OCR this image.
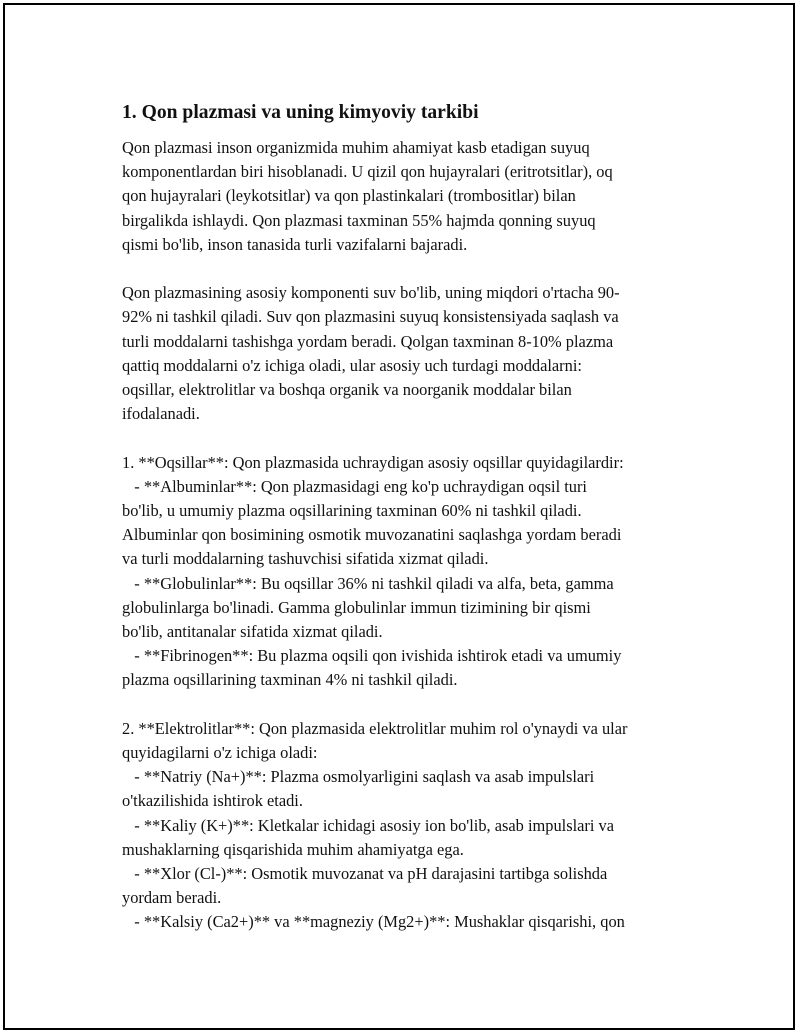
1. Qon plazmasi va uning kimyoviy tarkibi
Qon plazmasi inson organizmida muhim ahamiyat kasb etadigan suyuq
komponentlardan biri hisoblanadi. U qizil qon hujayralari (eritrotsitlar), oq
qon hujayralari (leykotsitlar) va qon plastinkalari (trombositlar) bilan
birgalikda ishlaydi. Qon plazmasi taxminan 55% hajmda qonning suyuq
qismi bo'lib, inson tanasida turli vazifalarni bajaradi.
Qon plazmasining asosiy komponenti suv bo'lib, uning miqdori o'rtacha 90-
92% ni tashkil qiladi. Suv qon plazmasini suyuq konsistensiyada saqlash va
turli moddalarni tashishga yordam beradi. Qolgan taxminan 8-10% plazma
qattiq moddalarni o'z ichiga oladi, ular asosiy uch turdagi moddalarni:
oqsillar, elektrolitlar va boshqa organik va noorganik moddalar bilan
ifodalanadi.
1. **Oqsillar**: Qon plazmasida uchraydigan asosiy oqsillar quyidagilardir:
- **Albuminlar**: Qon plazmasidagi eng ko'p uchraydigan oqsil turi
bo'lib, u umumiy plazma oqsillarining taxminan 60% ni tashkil qiladi.
Albuminlar qon bosimining osmotik muvozanatini saqlashga yordam beradi
va turli moddalarning tashuvchisi sifatida xizmat qiladi.
- **Globulinlar**: Bu oqsillar 36% ni tashkil qiladi va alfa, beta, gamma
globulinlarga bo'linadi. Gamma globulinlar immun tizimining bir qismi
bo'lib, antitanalar sifatida xizmat qiladi.
- **Fibrinogen**: Bu plazma oqsili qon ivishida ishtirok etadi va umumiy
plazma oqsillarining taxminan 4% ni tashkil qiladi.
2. **Elektrolitlar**: Qon plazmasida elektrolitlar muhim rol o'ynaydi va ular
quyidagilarni o'z ichiga oladi:
- **Natriy (Na+)**: Plazma osmolyarligini saqlash va asab impulslari
o'tkazilishida ishtirok etadi.
- **Kaliy (K+)**: Kletkalar ichidagi asosiy ion bo'lib, asab impulslari va
mushaklarning qisqarishida muhim ahamiyatga ega.
- **Xlor (Cl-)**: Osmotik muvozanat va pH darajasini tartibga solishda
yordam beradi.
- **Kalsiy (Ca2+)** va **magneziy (Mg2+)**: Mushaklar qisqarishi, qon
